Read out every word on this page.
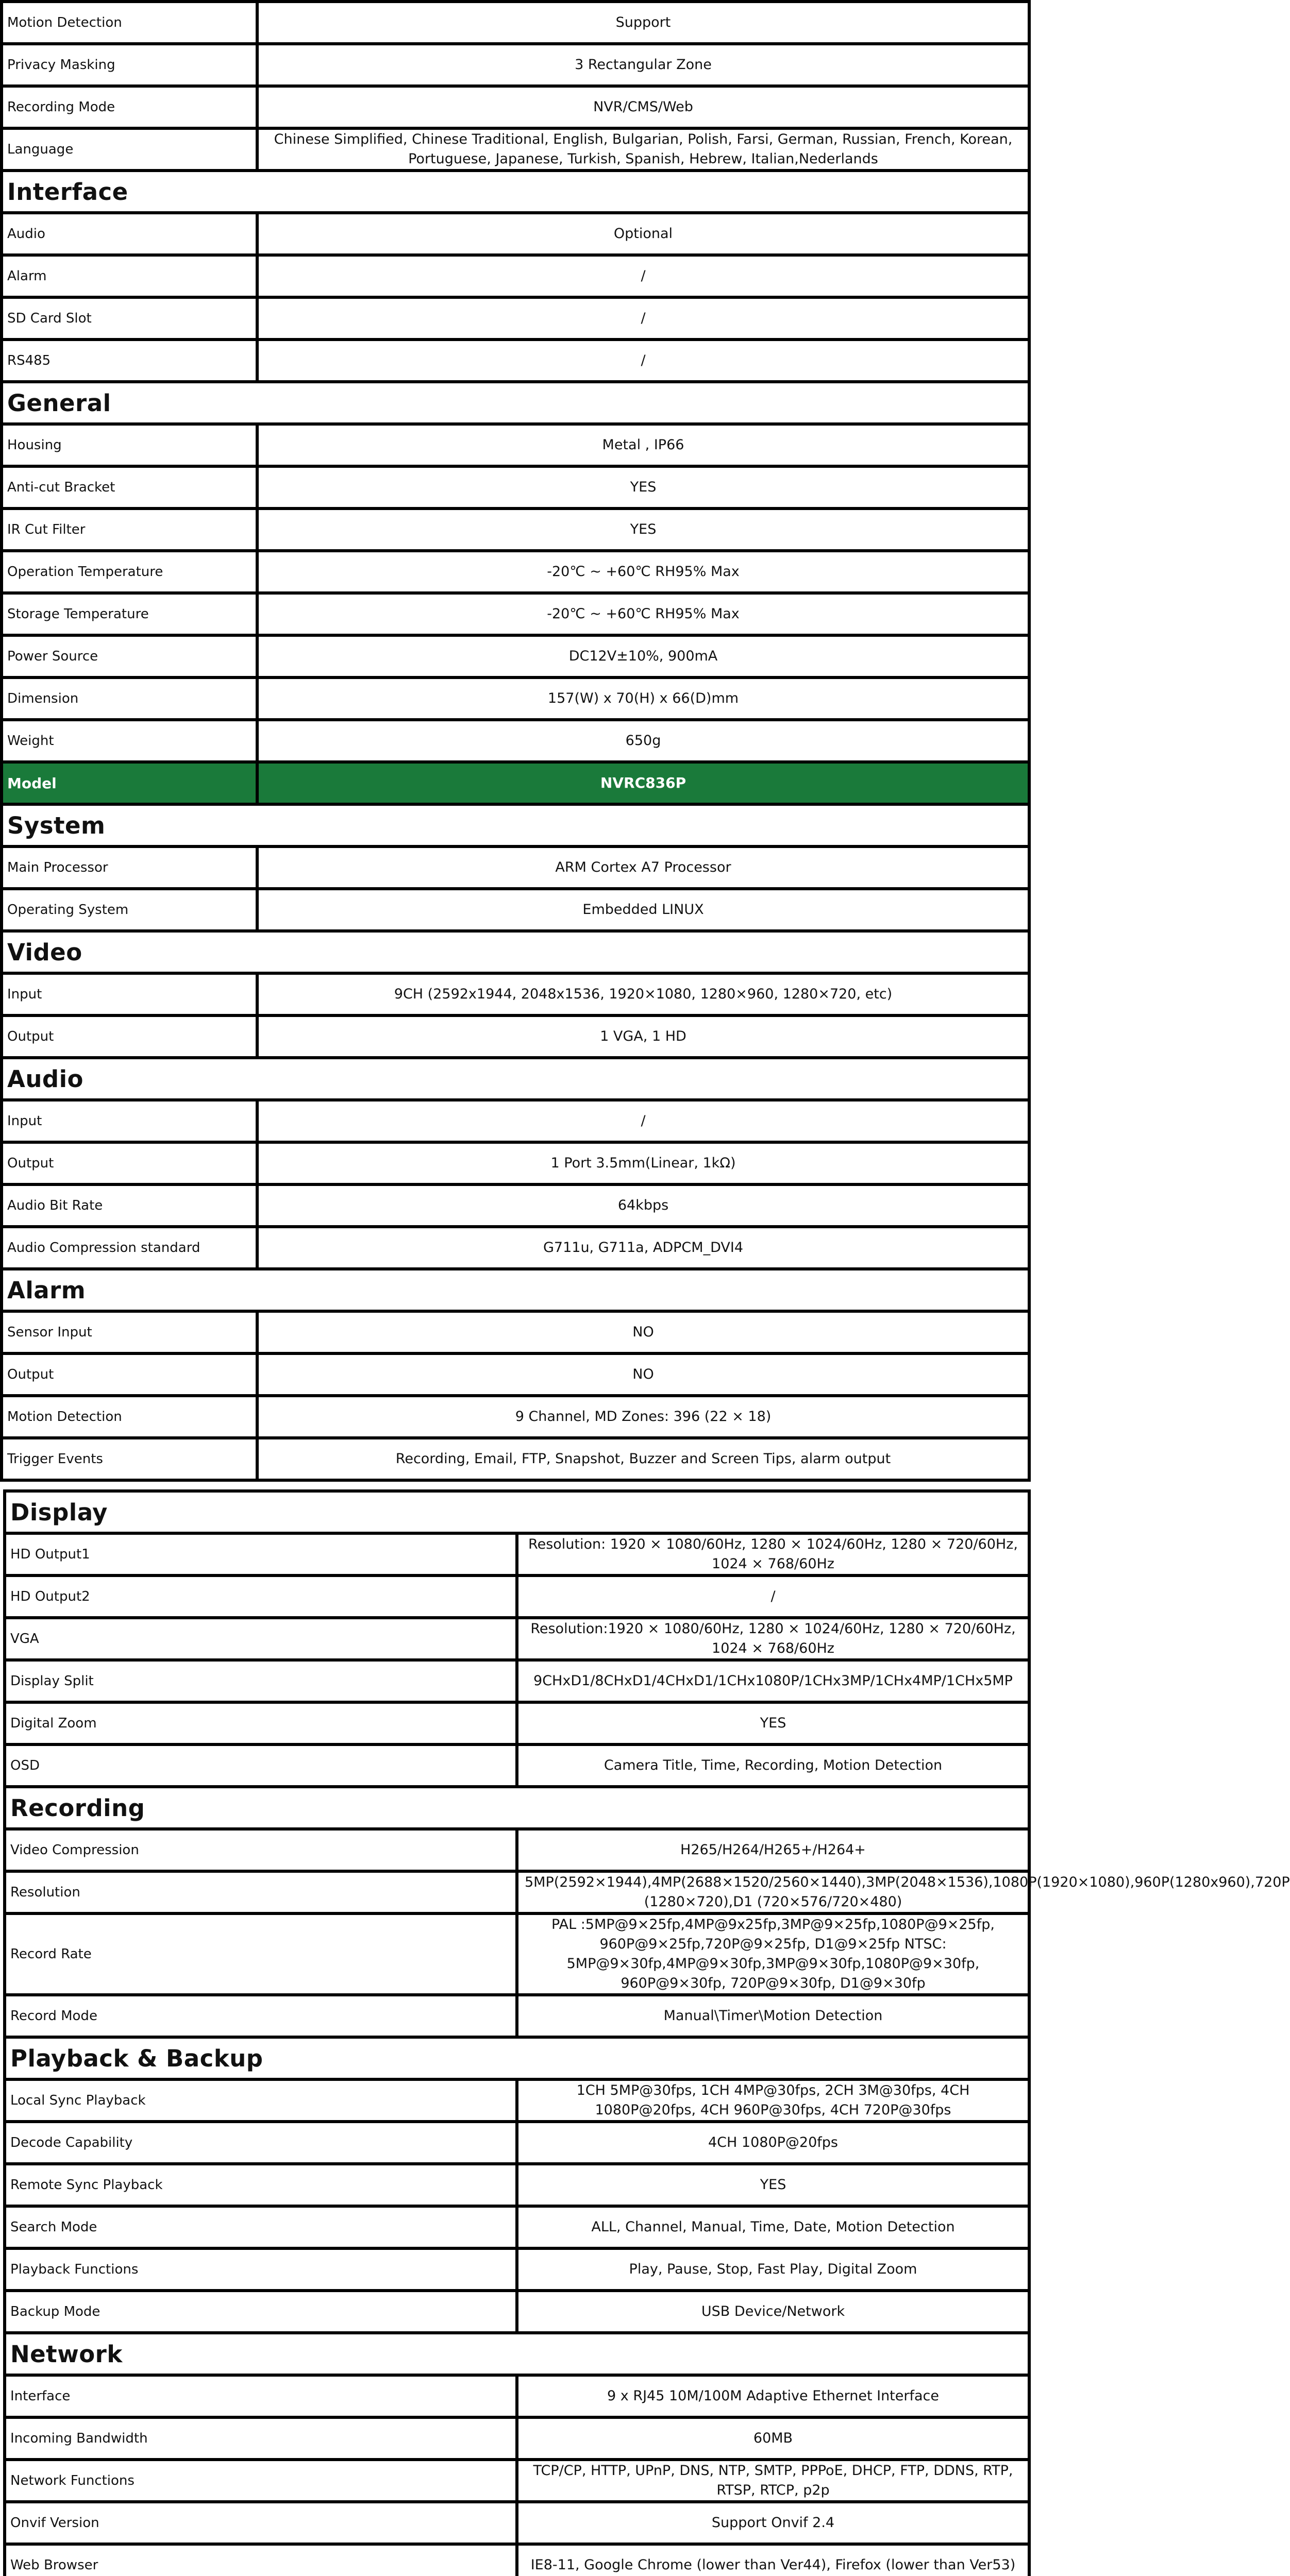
Motion Detection	Support
Privacy Masking	3 Rectangular Zone
Recording Mode	NVR/CMS/Web
Language	Chinese Simplified, Chinese Traditional, English, Bulgarian, Polish, Farsi, German, Russian, French, Korean, Portuguese, Japanese, Turkish, Spanish, Hebrew, Italian,Nederlands
Interface	
Audio	Optional
Alarm	/
SD Card Slot	/
RS485	/
General	
Housing	Metal , IP66
Anti-cut Bracket	YES
IR Cut Filter	YES
Operation Temperature	-20℃ ~ +60℃ RH95% Max
Storage Temperature	-20℃ ~ +60℃ RH95% Max
Power Source	DC12V±10%, 900mA
Dimension	157(W) x 70(H) x 66(D)mm
Weight	650g
Model	NVRC836P
System	
Main Processor	ARM Cortex A7 Processor
Operating System	Embedded LINUX
Video	
Input	9CH (2592x1944, 2048x1536, 1920×1080, 1280×960, 1280×720, etc)
Output	1 VGA, 1 HD
Audio	
Input	/
Output	1 Port 3.5mm(Linear, 1kΩ)
Audio Bit Rate	64kbps
Audio Compression standard	G711u, G711a, ADPCM_DVI4
Alarm	
Sensor Input	NO
Output	NO
Motion Detection	9 Channel, MD Zones: 396 (22 × 18)
Trigger Events	Recording, Email, FTP, Snapshot, Buzzer and Screen Tips, alarm output
Display	
HD Output1	Resolution: 1920 × 1080/60Hz, 1280 × 1024/60Hz, 1280 × 720/60Hz, 1024 × 768/60Hz
HD Output2	/
VGA	Resolution:1920 × 1080/60Hz, 1280 × 1024/60Hz, 1280 × 720/60Hz, 1024 × 768/60Hz
Display Split	9CHxD1/8CHxD1/4CHxD1/1CHx1080P/1CHx3MP/1CHx4MP/1CHx5MP
Digital Zoom	YES
OSD	Camera Title, Time, Recording, Motion Detection
Recording	
Video Compression	H265/H264/H265+/H264+
Resolution	5MP(2592×1944),4MP(2688×1520/2560×1440),3MP(2048×1536),1080P(1920×1080),960P(1280x960),720P (1280×720),D1 (720×576/720×480)
Record Rate	PAL :5MP@9×25fp,4MP@9x25fp,3MP@9×25fp,1080P@9×25fp, 960P@9×25fp,720P@9×25fp, D1@9×25fp NTSC: 5MP@9×30fp,4MP@9×30fp,3MP@9×30fp,1080P@9×30fp, 960P@9×30fp, 720P@9×30fp, D1@9×30fp
Record Mode	Manual\Timer\Motion Detection
Playback & Backup	
Local Sync Playback	1CH 5MP@30fps, 1CH 4MP@30fps, 2CH 3M@30fps, 4CH 1080P@20fps, 4CH 960P@30fps, 4CH 720P@30fps
Decode Capability	4CH 1080P@20fps
Remote Sync Playback	YES
Search Mode	ALL, Channel, Manual, Time, Date, Motion Detection
Playback Functions	Play, Pause, Stop, Fast Play, Digital Zoom
Backup Mode	USB Device/Network
Network	
Interface	9 x RJ45 10M/100M Adaptive Ethernet Interface
Incoming Bandwidth	60MB
Network Functions	TCP/CP, HTTP, UPnP, DNS, NTP, SMTP, PPPoE, DHCP, FTP, DDNS, RTP, RTSP, RTCP, p2p
Onvif Version	Support Onvif 2.4
Web Browser	IE8-11, Google Chrome (lower than Ver44), Firefox (lower than Ver53)
